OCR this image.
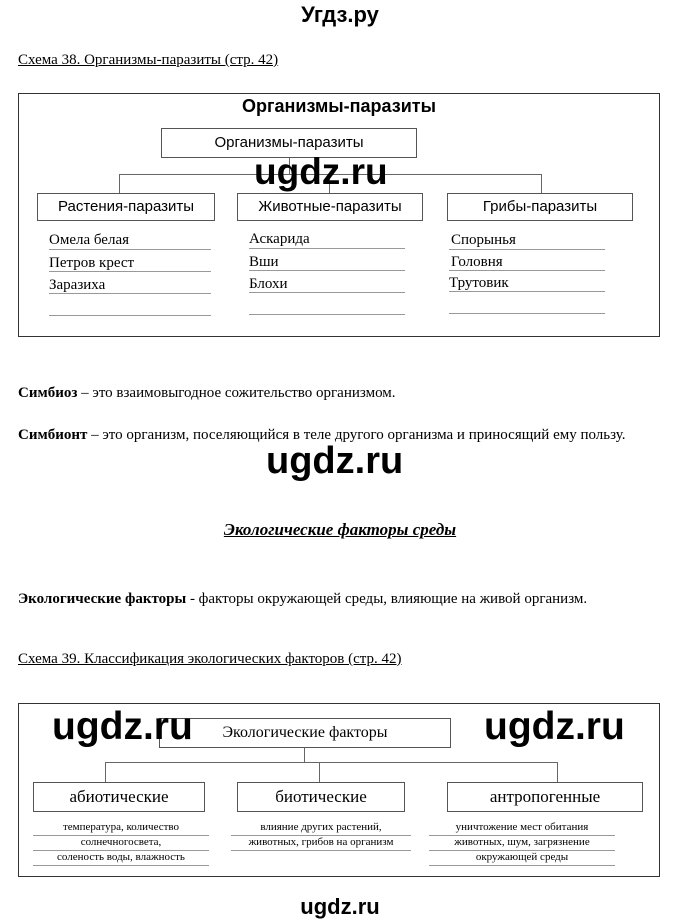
Угдз.ру
Схема 38. Организмы-паразиты (стр. 42)
Организмы-паразиты
Организмы-паразиты
Растения-паразиты	Животные-паразиты	Грибы-паразиты
Омела белая
Петров крест
Заразиха
Аскарида
Вши
Блохи
Спорынья
Головня
Трутовик
ugdz.ru
Симбиоз – это взаимовыгодное сожительство организмом.
Симбионт – это организм, поселяющийся в теле другого организма и приносящий ему пользу.
ugdz.ru
Экологические факторы среды
Экологические факторы - факторы окружающей среды, влияющие на живой организм.
Схема 39. Классификация экологических факторов (стр. 42)
Экологические факторы
абиотические	биотические	антропогенные
температура, количество
солнечногосвета,
соленость воды, влажность
влияние других растений,
животных, грибов на организм
уничтожение мест обитания
животных, шум, загрязнение
окружающей среды
ugdz.ru	ugdz.ru
ugdz.ru
